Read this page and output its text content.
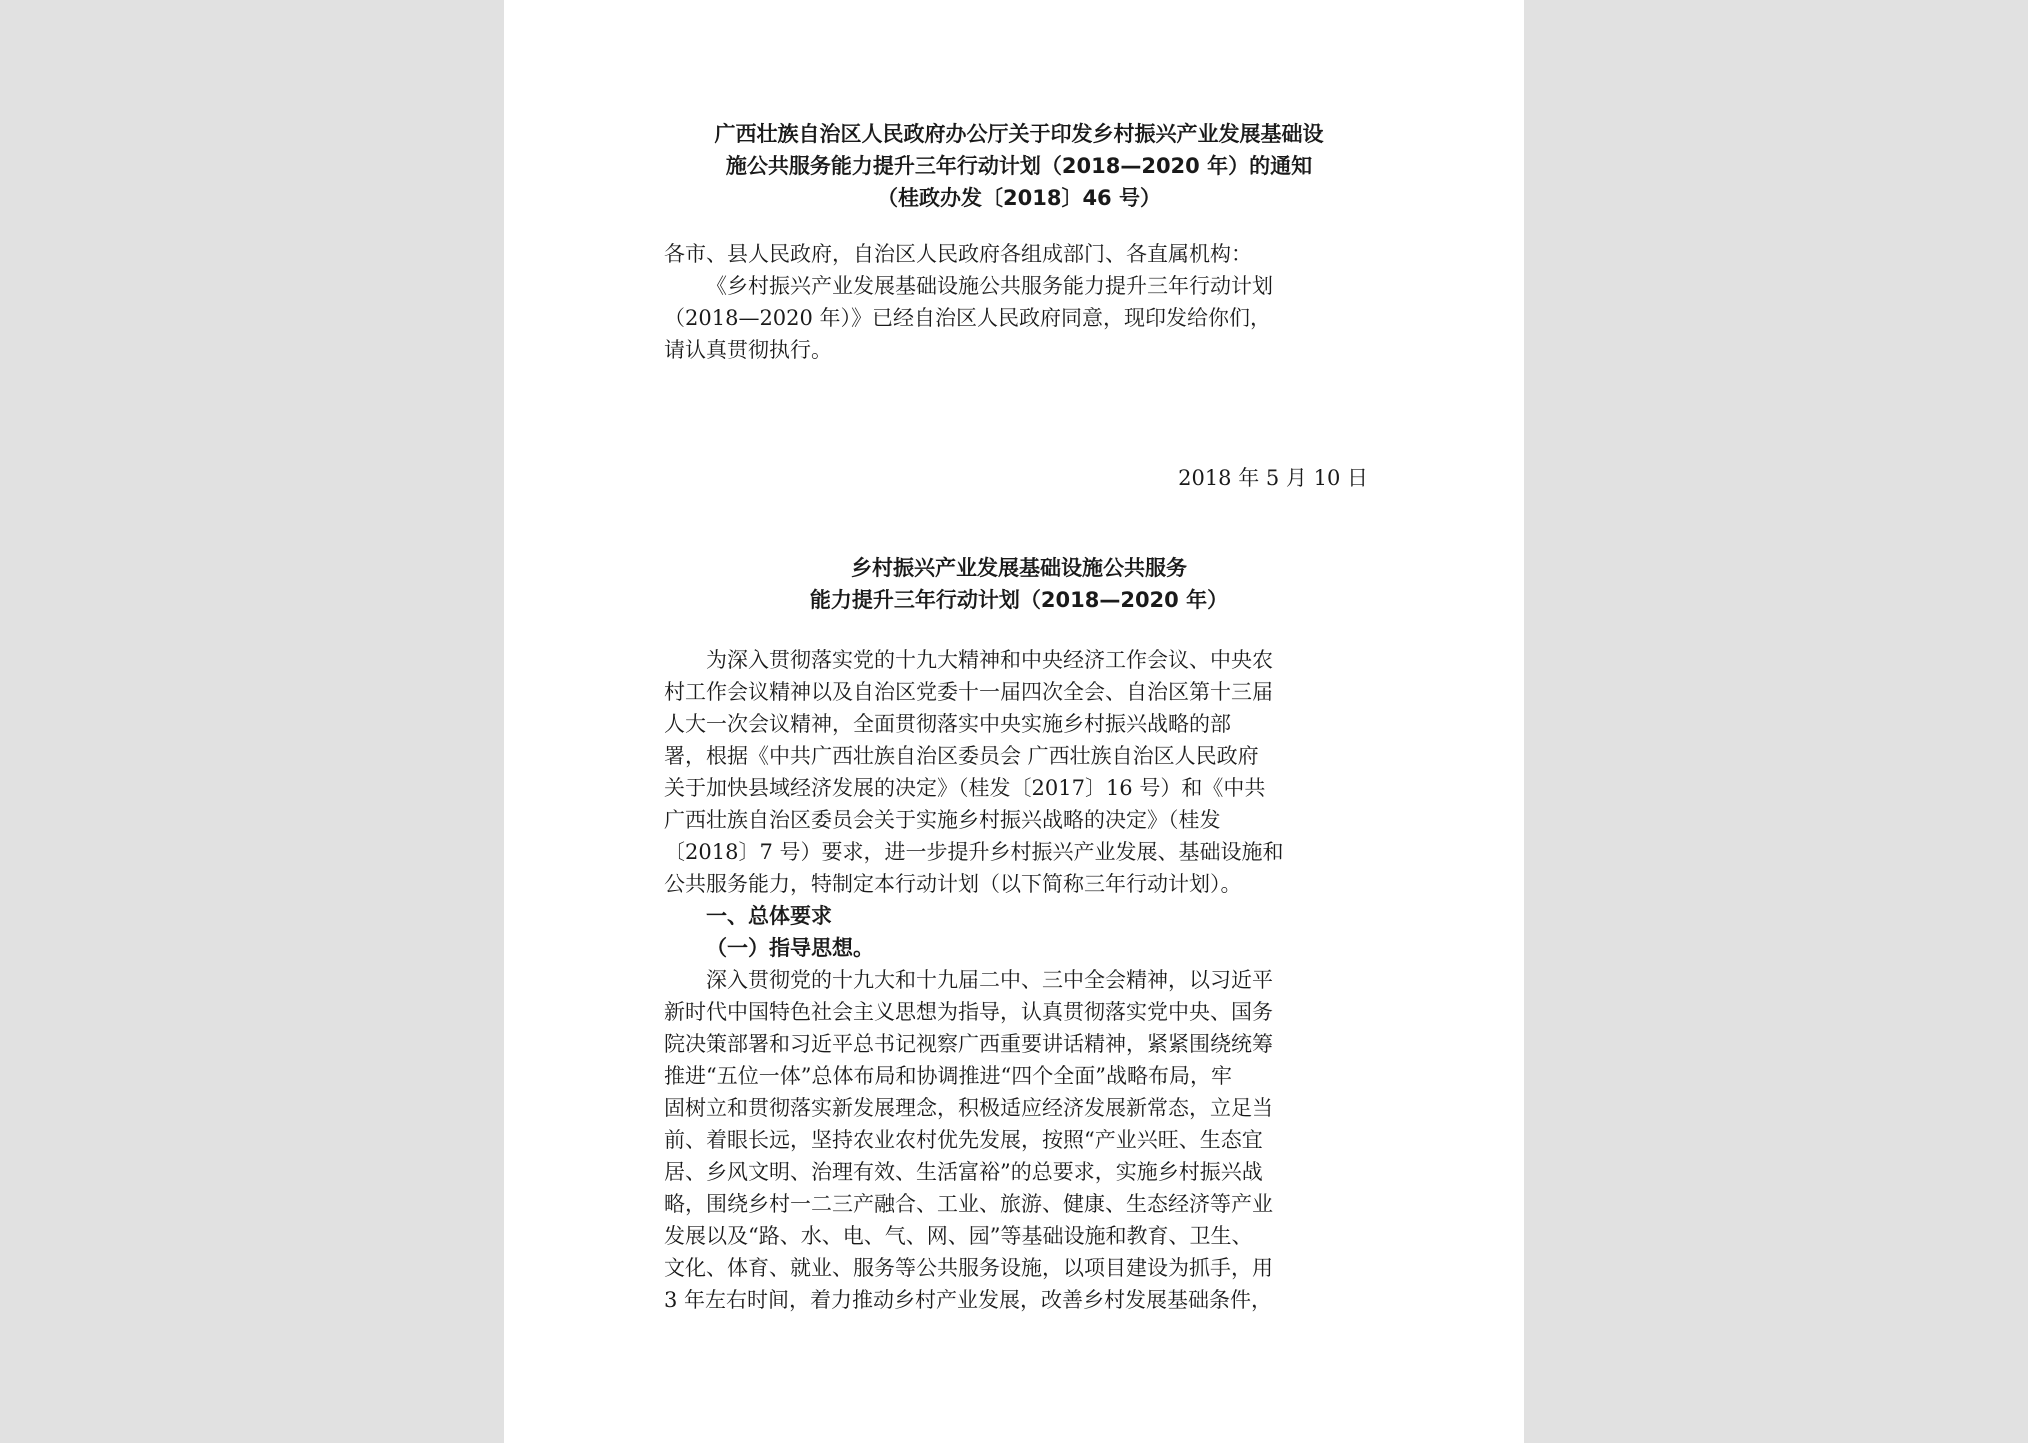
广西壮族自治区人民政府办公厅关于印发乡村振兴产业发展基础设
施公共服务能力提升三年行动计划（2018—2020 年）的通知
（桂政办发〔2018〕46 号）
各市、县人民政府，自治区人民政府各组成部门、各直属机构：
《乡村振兴产业发展基础设施公共服务能力提升三年行动计划
（2018—2020 年）》已经自治区人民政府同意，现印发给你们，
请认真贯彻执行。
2018 年 5 月 10 日
乡村振兴产业发展基础设施公共服务
能力提升三年行动计划（2018—2020 年）
为深入贯彻落实党的十九大精神和中央经济工作会议、中央农
村工作会议精神以及自治区党委十一届四次全会、自治区第十三届
人大一次会议精神，全面贯彻落实中央实施乡村振兴战略的部
署，根据《中共广西壮族自治区委员会 广西壮族自治区人民政府
关于加快县域经济发展的决定》（桂发〔2017〕16 号）和《中共
广西壮族自治区委员会关于实施乡村振兴战略的决定》（桂发
〔2018〕7 号）要求，进一步提升乡村振兴产业发展、基础设施和
公共服务能力，特制定本行动计划（以下简称三年行动计划）。
一、总体要求
（一）指导思想。
深入贯彻党的十九大和十九届二中、三中全会精神，以习近平
新时代中国特色社会主义思想为指导，认真贯彻落实党中央、国务
院决策部署和习近平总书记视察广西重要讲话精神，紧紧围绕统筹
推进“五位一体”总体布局和协调推进“四个全面”战略布局，牢
固树立和贯彻落实新发展理念，积极适应经济发展新常态，立足当
前、着眼长远，坚持农业农村优先发展，按照“产业兴旺、生态宜
居、乡风文明、治理有效、生活富裕”的总要求，实施乡村振兴战
略，围绕乡村一二三产融合、工业、旅游、健康、生态经济等产业
发展以及“路、水、电、气、网、园”等基础设施和教育、卫生、
文化、体育、就业、服务等公共服务设施，以项目建设为抓手，用
3 年左右时间，着力推动乡村产业发展，改善乡村发展基础条件，
